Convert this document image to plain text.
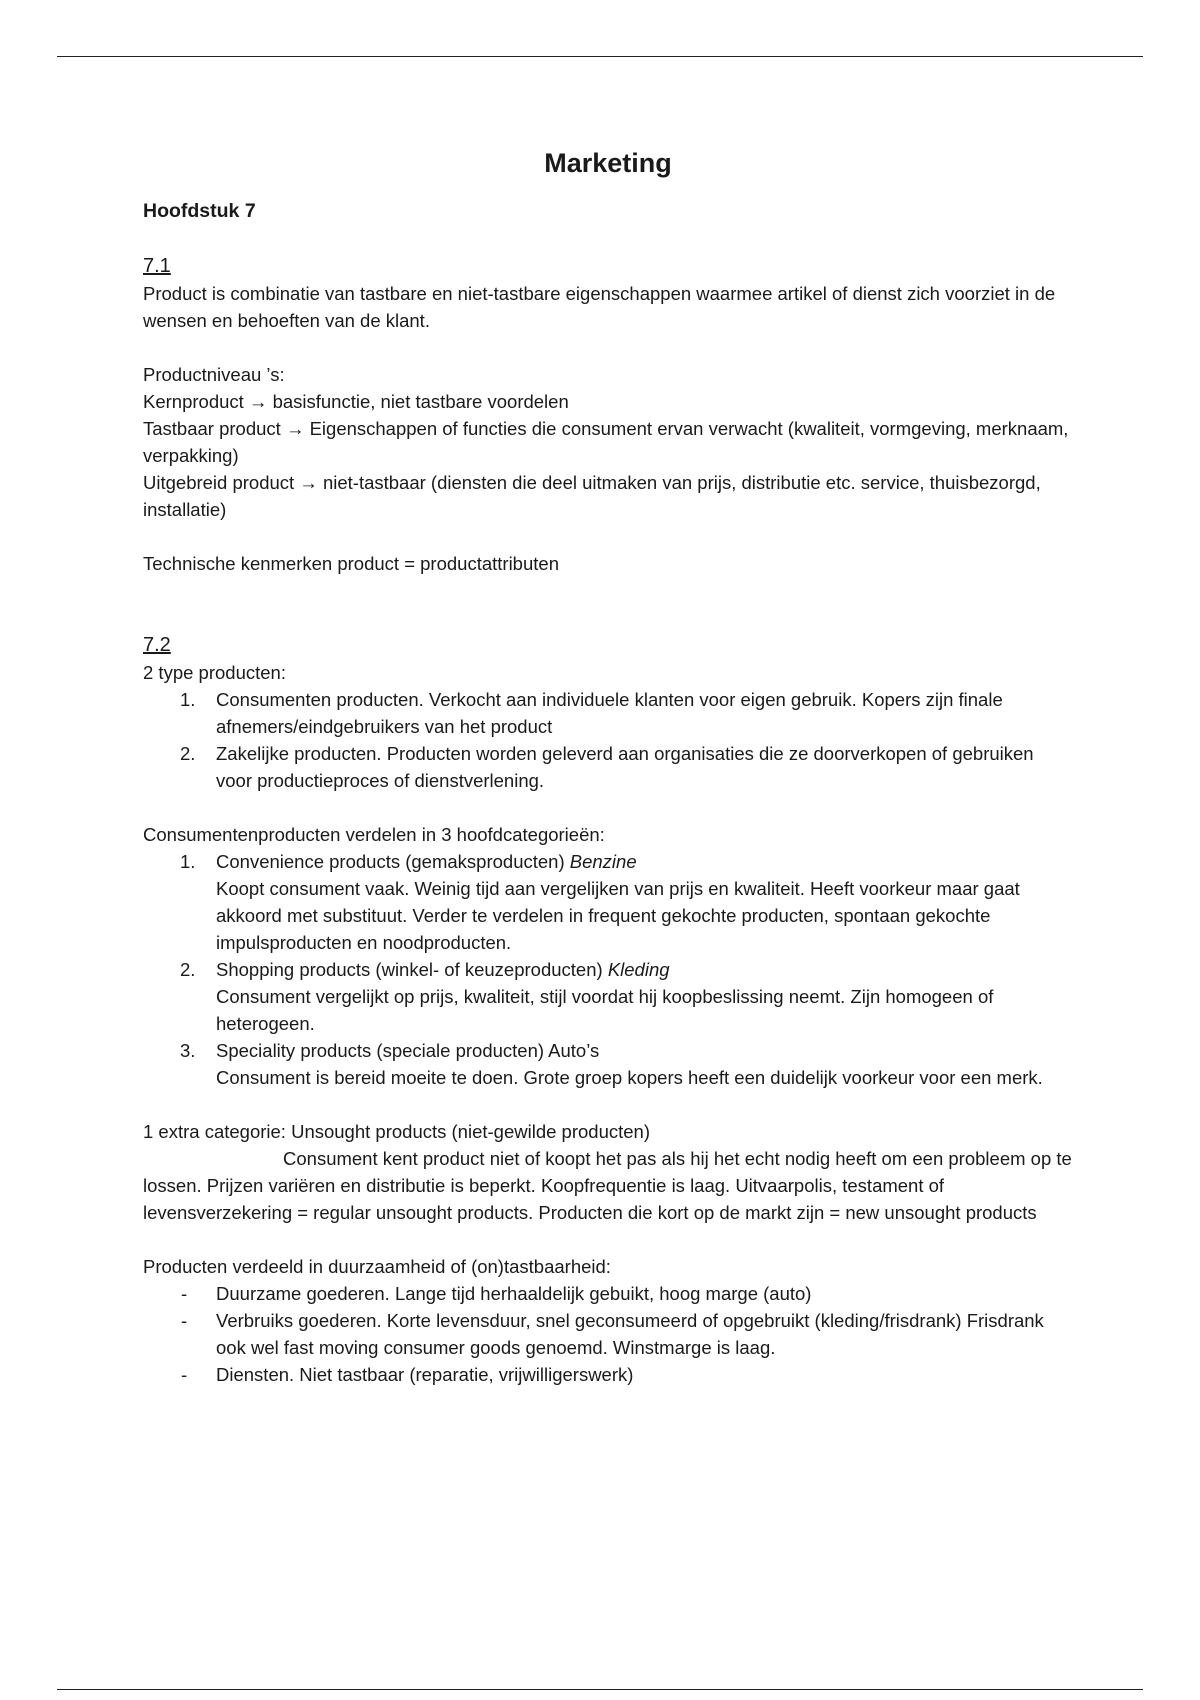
Marketing
Hoofdstuk 7
7.1

Product is combinatie van tastbare en niet-tastbare eigenschappen waarmee artikel of dienst zich voorziet in de wensen en behoeften van de klant.

Productniveau ’s:

Kernproduct → basisfunctie, niet tastbare voordelen

Tastbaar product → Eigenschappen of functies die consument ervan verwacht (kwaliteit, vormgeving, merknaam, verpakking)

Uitgebreid product → niet-tastbaar (diensten die deel uitmaken van prijs, distributie etc. service, thuisbezorgd, installatie)

Technische kenmerken product = productattributen

7.2

2 type producten:

1. Consumenten producten. Verkocht aan individuele klanten voor eigen gebruik. Kopers zijn finale afnemers/eindgebruikers van het product
2. Zakelijke producten. Producten worden geleverd aan organisaties die ze doorverkopen of gebruiken voor productieproces of dienstverlening.

Consumentenproducten verdelen in 3 hoofdcategorieën:

1. Convenience products (gemaksproducten) Benzine
Koopt consument vaak. Weinig tijd aan vergelijken van prijs en kwaliteit. Heeft voorkeur maar gaat akkoord met substituut. Verder te verdelen in frequent gekochte producten, spontaan gekochte impulsproducten en noodproducten.
2. Shopping products (winkel- of keuzeproducten) Kleding
Consument vergelijkt op prijs, kwaliteit, stijl voordat hij koopbeslissing neemt. Zijn homogeen of heterogeen.
3. Speciality products (speciale producten) Auto’s
Consument is bereid moeite te doen. Grote groep kopers heeft een duidelijk voorkeur voor een merk.

1 extra categorie: Unsought products (niet-gewilde producten)

Consument kent product niet of koopt het pas als hij het echt nodig heeft om een probleem op te lossen. Prijzen variëren en distributie is beperkt. Koopfrequentie is laag. Uitvaarpolis, testament of levensverzekering = regular unsought products. Producten die kort op de markt zijn = new unsought products

Producten verdeeld in duurzaamheid of (on)tastbaarheid:

- Duurzame goederen. Lange tijd herhaaldelijk gebuikt, hoog marge (auto)
- Verbruiks goederen. Korte levensduur, snel geconsumeerd of opgebruikt (kleding/frisdrank) Frisdrank ook wel fast moving consumer goods genoemd. Winstmarge is laag.
- Diensten. Niet tastbaar (reparatie, vrijwilligerswerk)
